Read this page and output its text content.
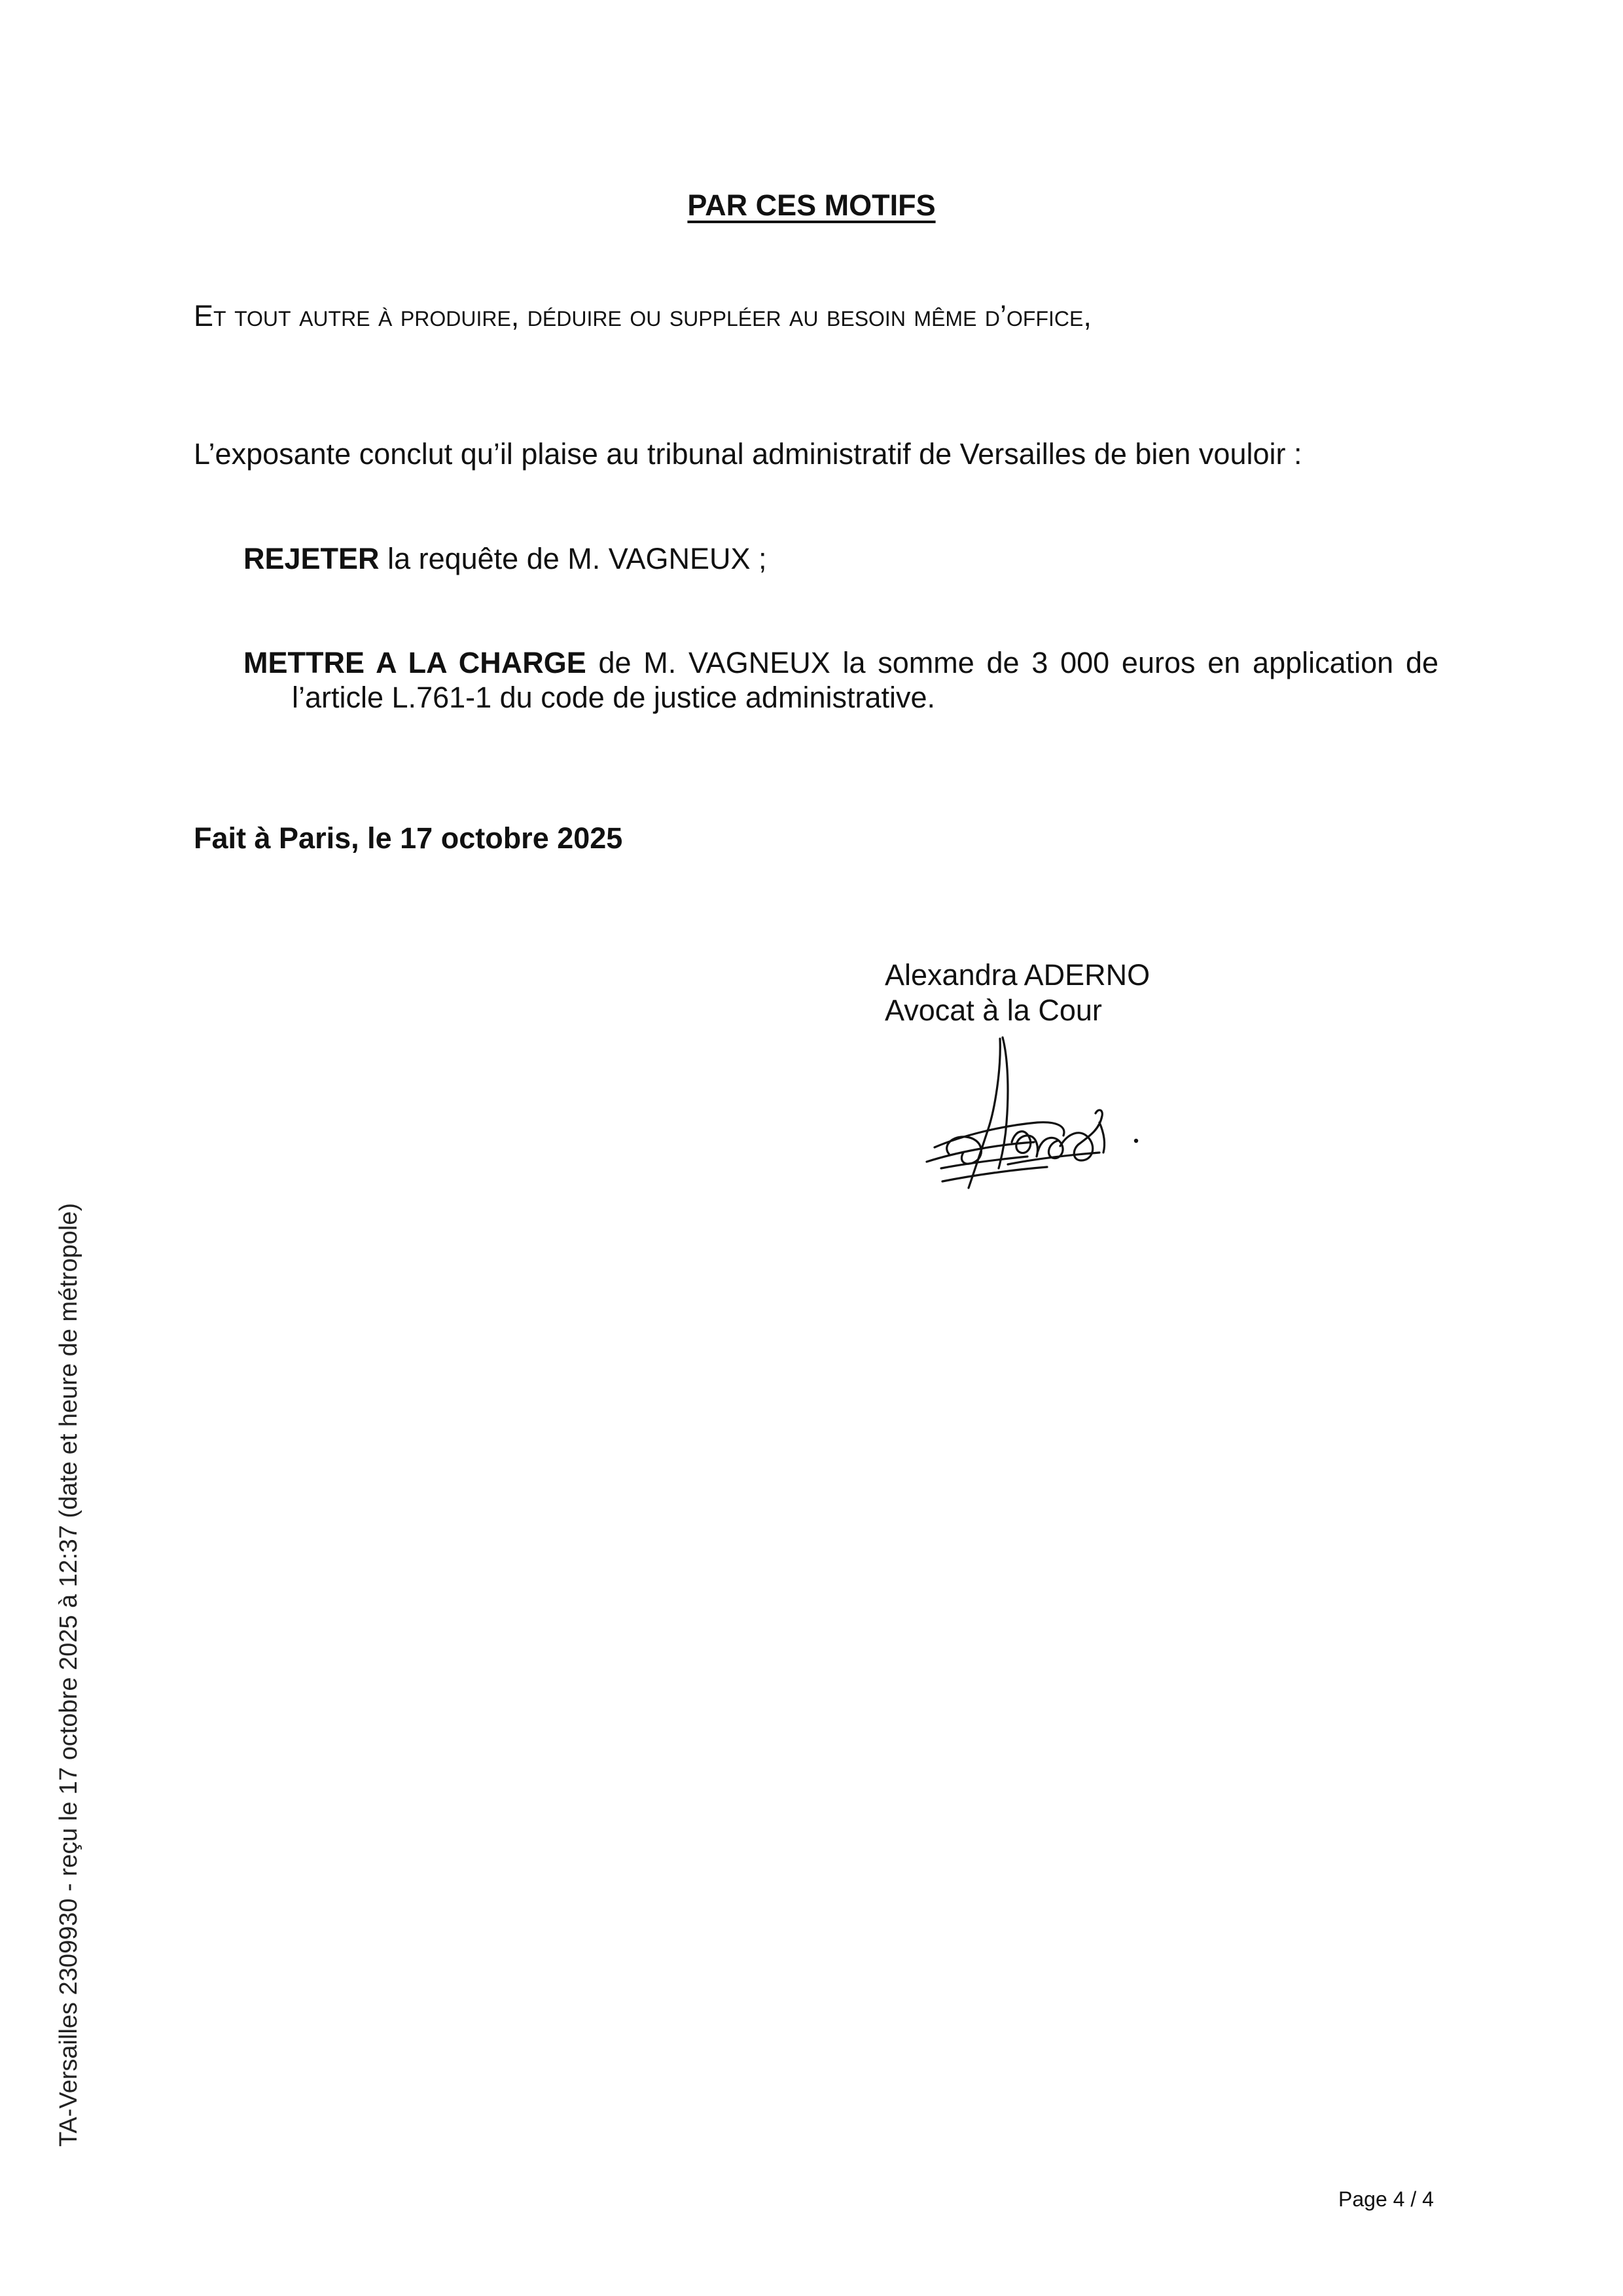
PAR CES MOTIFS
Et tout autre à produire, déduire ou suppléer au besoin même d’office,
L’exposante conclut qu’il plaise au tribunal administratif de Versailles de bien vouloir :
REJETER la requête de M. VAGNEUX ;
METTRE A LA CHARGE de M. VAGNEUX la somme de 3 000 euros en application de
l’article L.761-1 du code de justice administrative.
Fait à Paris, le 17 octobre 2025
Alexandra ADERNO
Avocat à la Cour
TA-Versailles 2309930 - reçu le 17 octobre 2025 à 12:37 (date et heure de métropole)
Page 4 / 4
